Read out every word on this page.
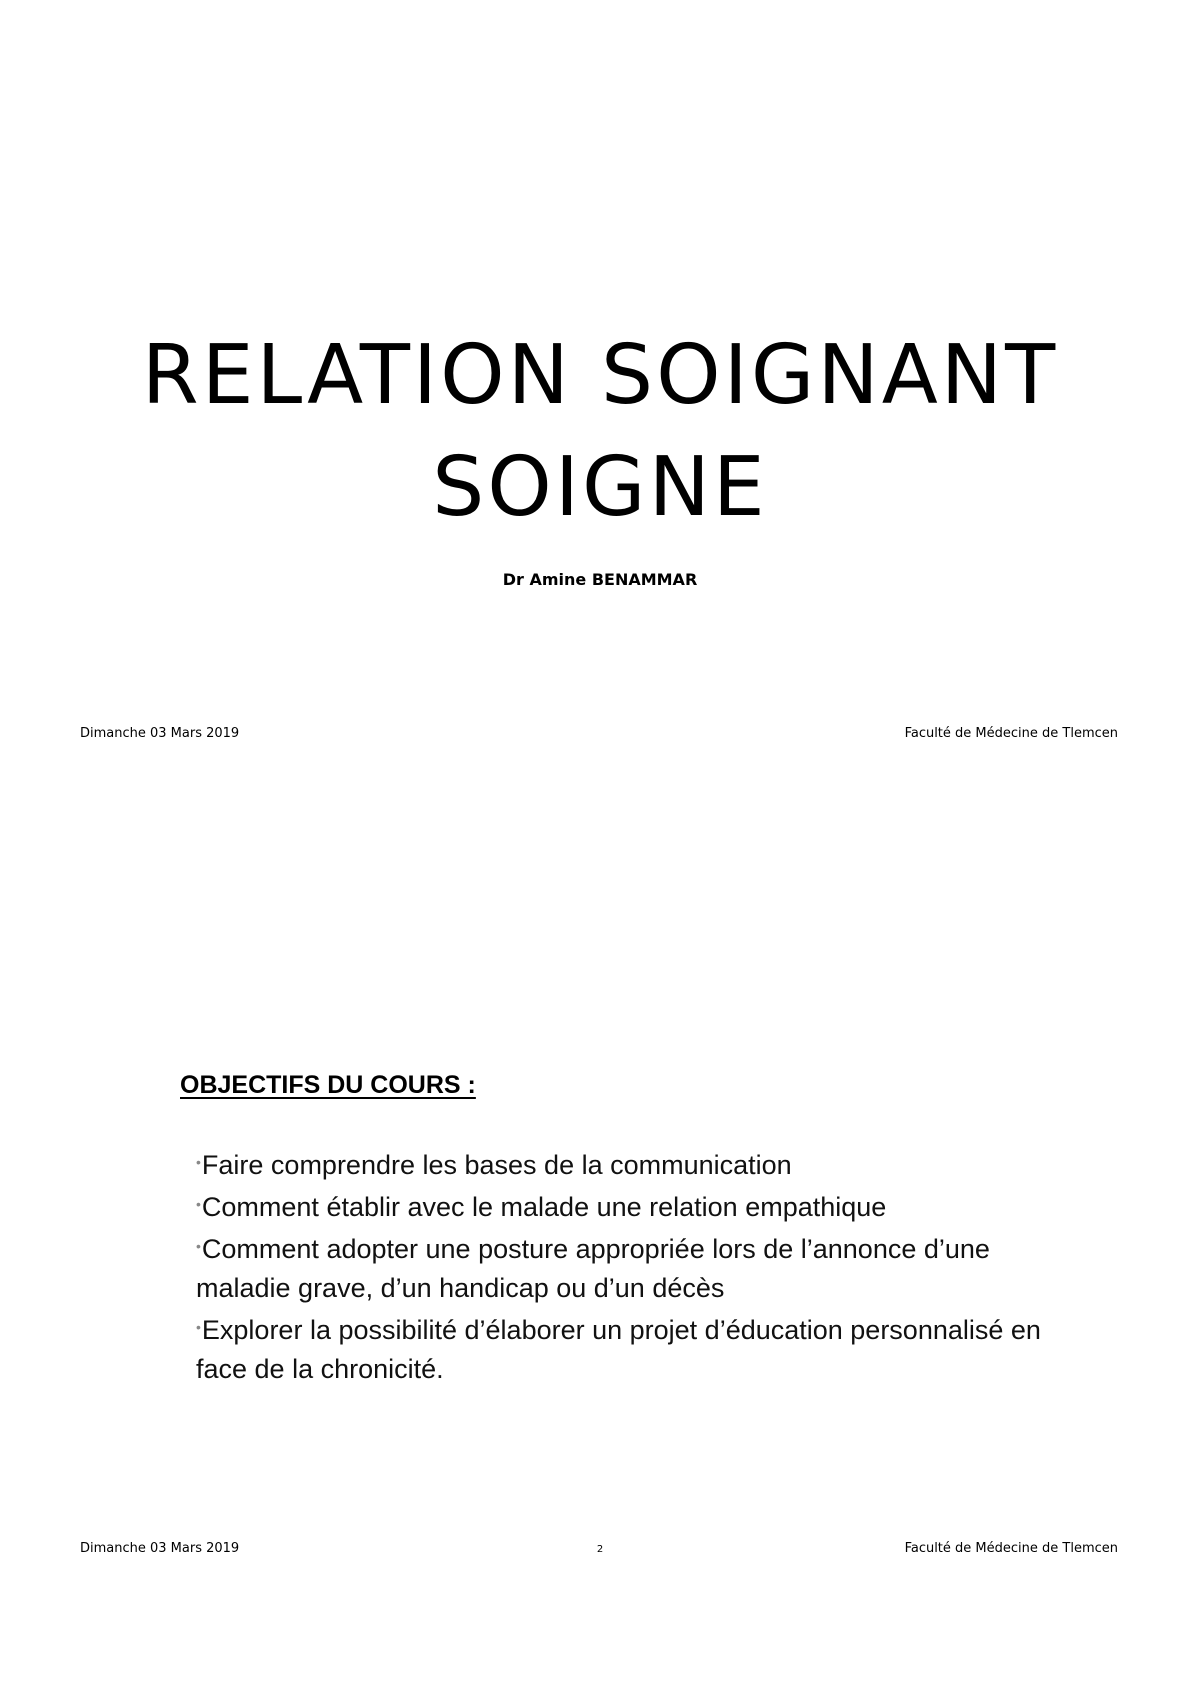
RELATION SOIGNANT
SOIGNE
Dr Amine BENAMMAR
Dimanche 03 Mars 2019	Faculté de Médecine de Tlemcen
OBJECTIFS DU COURS :
•Faire comprendre les bases de la communication
•Comment établir avec le malade une relation empathique
•Comment adopter une posture appropriée lors de l’annonce d’une maladie grave, d’un handicap ou d’un décès
•Explorer la possibilité d’élaborer un projet d’éducation personnalisé en face de la chronicité.
Dimanche 03 Mars 2019	2	Faculté de Médecine de Tlemcen
